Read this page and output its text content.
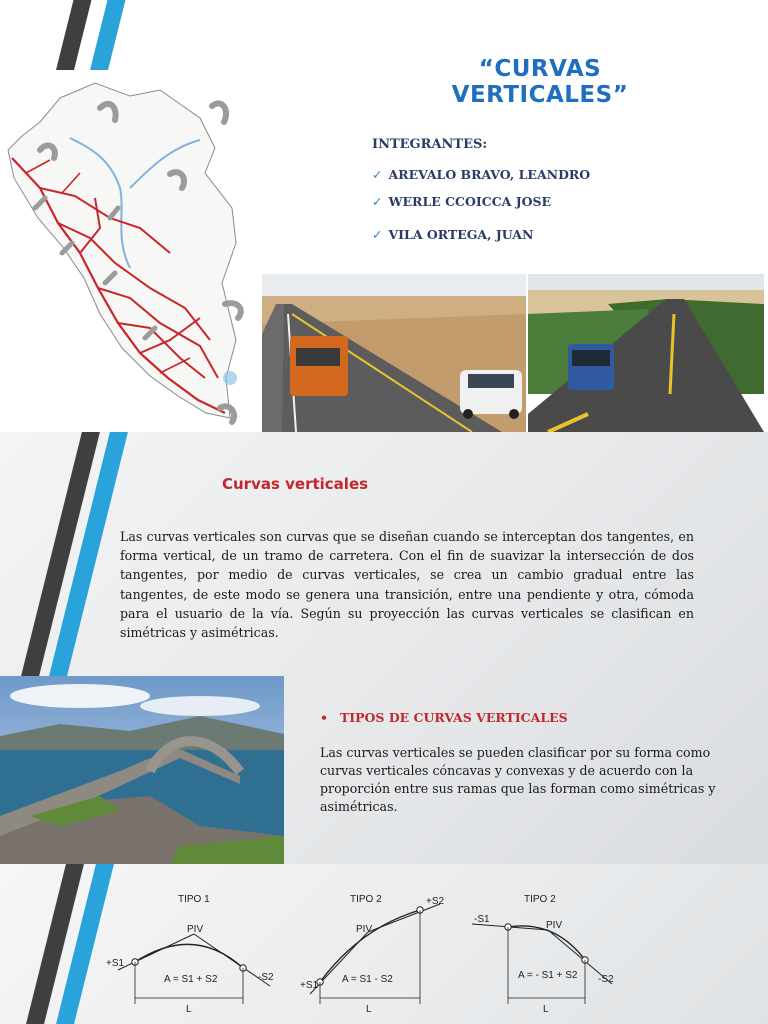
“CURVAS VERTICALES”
INTEGRANTES:
✓ AREVALO BRAVO, LEANDRO
✓ WERLE CCOICCA JOSE
✓ VILA ORTEGA, JUAN
Curvas verticales

Las curvas verticales son curvas que se diseñan cuando se interceptan dos tangentes, en forma vertical, de un tramo de carretera. Con el fin de suavizar la intersección de dos tangentes, por medio de curvas verticales, se crea un cambio gradual entre las tangentes, de este modo se genera una transición, entre una pendiente y otra, cómoda para el usuario de la vía. Según su proyección las curvas verticales se clasifican en simétricas y asimétricas.

• TIPOS DE CURVAS VERTICALES

Las curvas verticales se pueden clasificar por su forma como curvas verticales cóncavas y convexas y de acuerdo con la proporción entre sus ramas que las forman como simétricas y asimétricas.

TIPO 1
PIV
+S1
-S2
A = S1 + S2
L
TIPO 2
PIV
+S1
+S2
A = S1 - S2
L
TIPO 2
PIV
-S1
-S2
A = - S1 + S2
L
